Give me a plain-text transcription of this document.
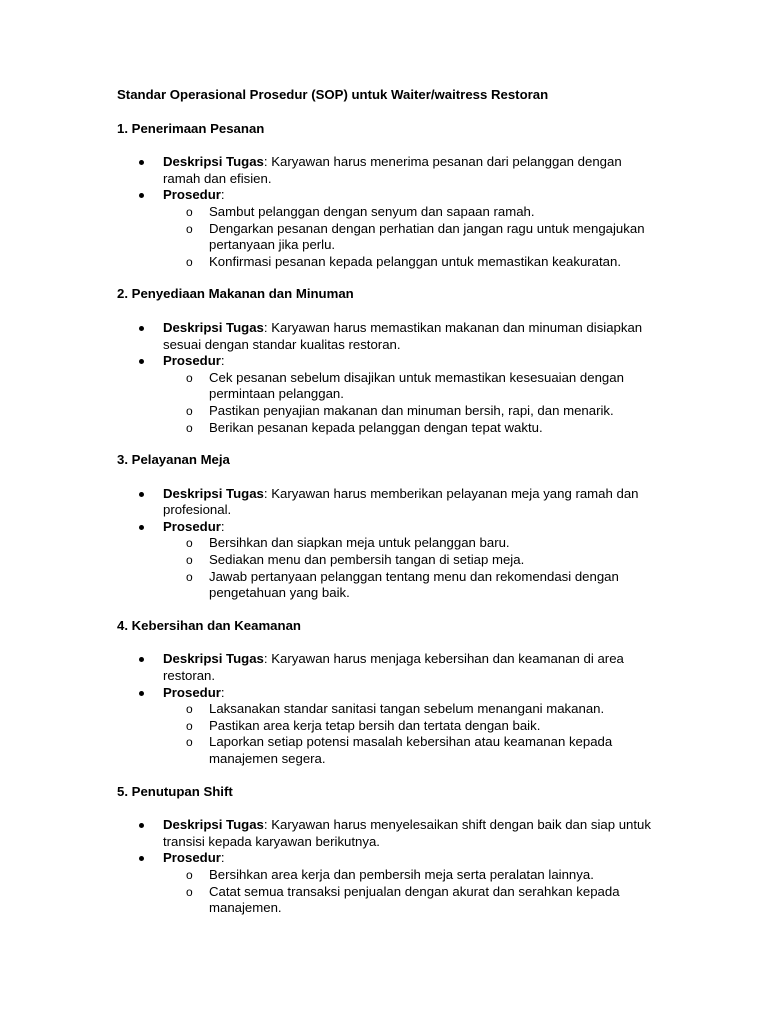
Standar Operasional Prosedur (SOP) untuk Waiter/waitress Restoran
1. Penerimaan Pesanan
Deskripsi Tugas: Karyawan harus menerima pesanan dari pelanggan dengan ramah dan efisien.
Prosedur:
o Sambut pelanggan dengan senyum dan sapaan ramah.
o Dengarkan pesanan dengan perhatian dan jangan ragu untuk mengajukan pertanyaan jika perlu.
o Konfirmasi pesanan kepada pelanggan untuk memastikan keakuratan.
2. Penyediaan Makanan dan Minuman
Deskripsi Tugas: Karyawan harus memastikan makanan dan minuman disiapkan sesuai dengan standar kualitas restoran.
Prosedur:
o Cek pesanan sebelum disajikan untuk memastikan kesesuaian dengan permintaan pelanggan.
o Pastikan penyajian makanan dan minuman bersih, rapi, dan menarik.
o Berikan pesanan kepada pelanggan dengan tepat waktu.
3. Pelayanan Meja
Deskripsi Tugas: Karyawan harus memberikan pelayanan meja yang ramah dan profesional.
Prosedur:
o Bersihkan dan siapkan meja untuk pelanggan baru.
o Sediakan menu dan pembersih tangan di setiap meja.
o Jawab pertanyaan pelanggan tentang menu dan rekomendasi dengan pengetahuan yang baik.
4. Kebersihan dan Keamanan
Deskripsi Tugas: Karyawan harus menjaga kebersihan dan keamanan di area restoran.
Prosedur:
o Laksanakan standar sanitasi tangan sebelum menangani makanan.
o Pastikan area kerja tetap bersih dan tertata dengan baik.
o Laporkan setiap potensi masalah kebersihan atau keamanan kepada manajemen segera.
5. Penutupan Shift
Deskripsi Tugas: Karyawan harus menyelesaikan shift dengan baik dan siap untuk transisi kepada karyawan berikutnya.
Prosedur:
o Bersihkan area kerja dan pembersih meja serta peralatan lainnya.
o Catat semua transaksi penjualan dengan akurat dan serahkan kepada manajemen.
